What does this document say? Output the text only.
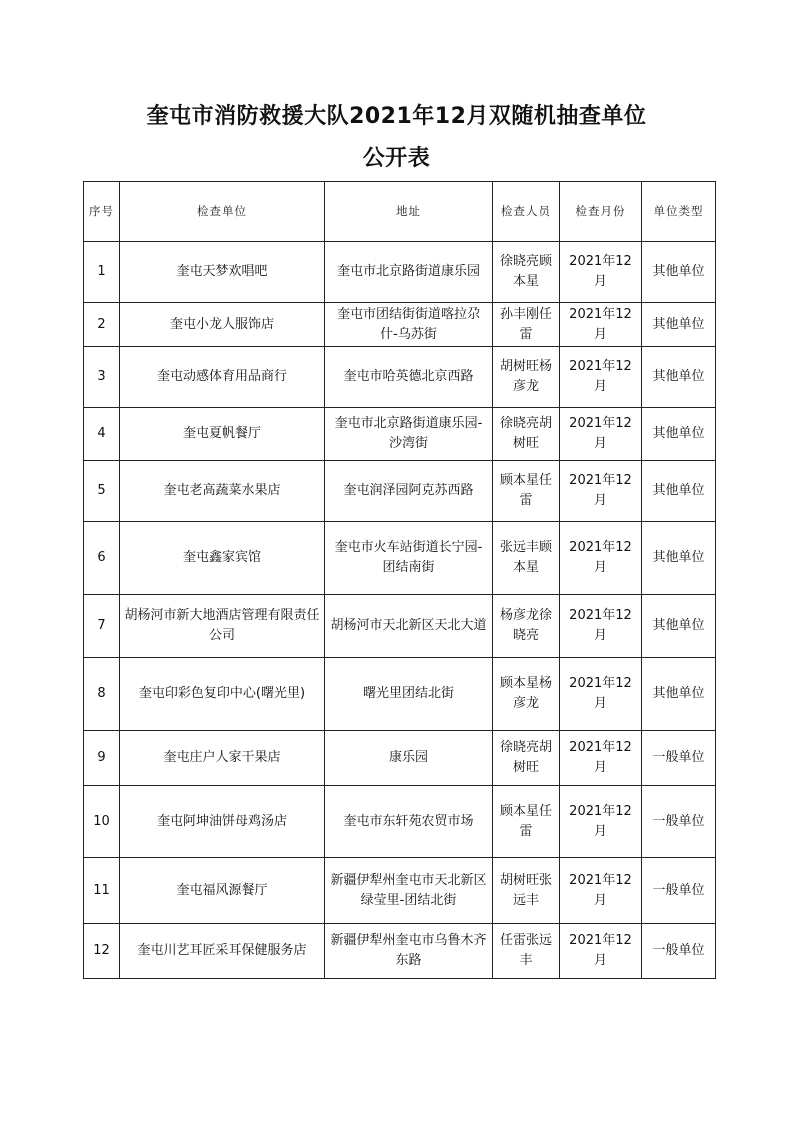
奎屯市消防救援大队2021年12月双随机抽查单位
公开表
序号	检查单位	地址	检查人员	检查月份	单位类型
1	奎屯天梦欢唱吧	奎屯市北京路街道康乐园	徐晓亮顾本星	2021年12月	其他单位
2	奎屯小龙人服饰店	奎屯市团结街街道喀拉尕什-乌苏街	孙丰刚任雷	2021年12月	其他单位
3	奎屯动感体育用品商行	奎屯市哈英德北京西路	胡树旺杨彦龙	2021年12月	其他单位
4	奎屯夏帆餐厅	奎屯市北京路街道康乐园-沙湾街	徐晓亮胡树旺	2021年12月	其他单位
5	奎屯老高蔬菜水果店	奎屯润泽园阿克苏西路	顾本星任雷	2021年12月	其他单位
6	奎屯鑫家宾馆	奎屯市火车站街道长宁园-团结南街	张远丰顾本星	2021年12月	其他单位
7	胡杨河市新大地酒店管理有限责任公司	胡杨河市天北新区天北大道	杨彦龙徐晓亮	2021年12月	其他单位
8	奎屯印彩色复印中心(曙光里)	曙光里团结北街	顾本星杨彦龙	2021年12月	其他单位
9	奎屯庄户人家干果店	康乐园	徐晓亮胡树旺	2021年12月	一般单位
10	奎屯阿坤油饼母鸡汤店	奎屯市东轩苑农贸市场	顾本星任雷	2021年12月	一般单位
11	奎屯福风源餐厅	新疆伊犁州奎屯市天北新区绿莹里-团结北街	胡树旺张远丰	2021年12月	一般单位
12	奎屯川艺耳匠采耳保健服务店	新疆伊犁州奎屯市乌鲁木齐东路	任雷张远丰	2021年12月	一般单位
